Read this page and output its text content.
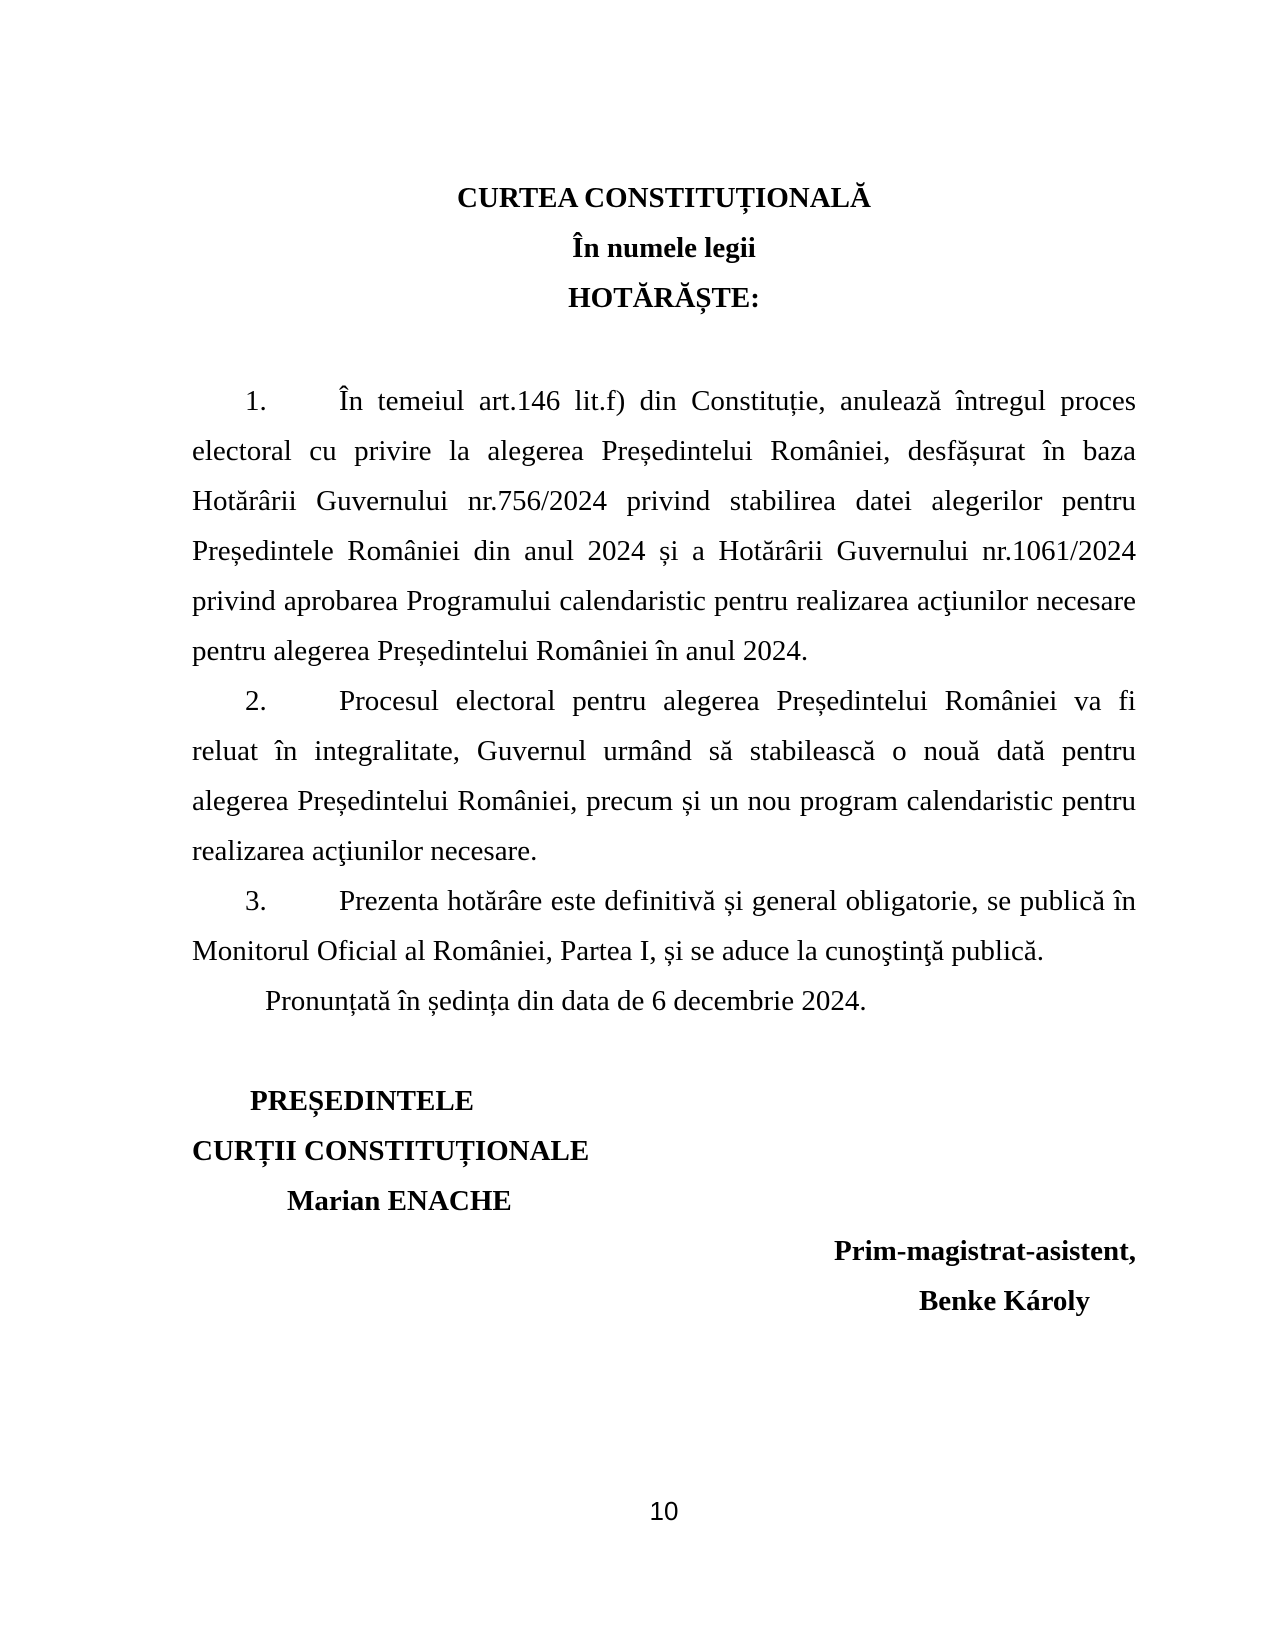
CURTEA CONSTITUȚIONALĂ
În numele legii
HOTĂRĂȘTE:

1. În temeiul art.146 lit.f) din Constituție, anulează întregul proces electoral cu privire la alegerea Președintelui României, desfășurat în baza Hotărârii Guvernului nr.756/2024 privind stabilirea datei alegerilor pentru Președintele României din anul 2024 și a Hotărârii Guvernului nr.1061/2024 privind aprobarea Programului calendaristic pentru realizarea acţiunilor necesare pentru alegerea Președintelui României în anul 2024.

2. Procesul electoral pentru alegerea Președintelui României va fi reluat în integralitate, Guvernul urmând să stabilească o nouă dată pentru alegerea Președintelui României, precum și un nou program calendaristic pentru realizarea acţiunilor necesare.

3. Prezenta hotărâre este definitivă și general obligatorie, se publică în Monitorul Oficial al României, Partea I, și se aduce la cunoştinţă publică.

Pronunțată în ședința din data de 6 decembrie 2024.

PREȘEDINTELE
CURȚII CONSTITUȚIONALE
Marian ENACHE
Prim-magistrat-asistent,
Benke Károly
10
